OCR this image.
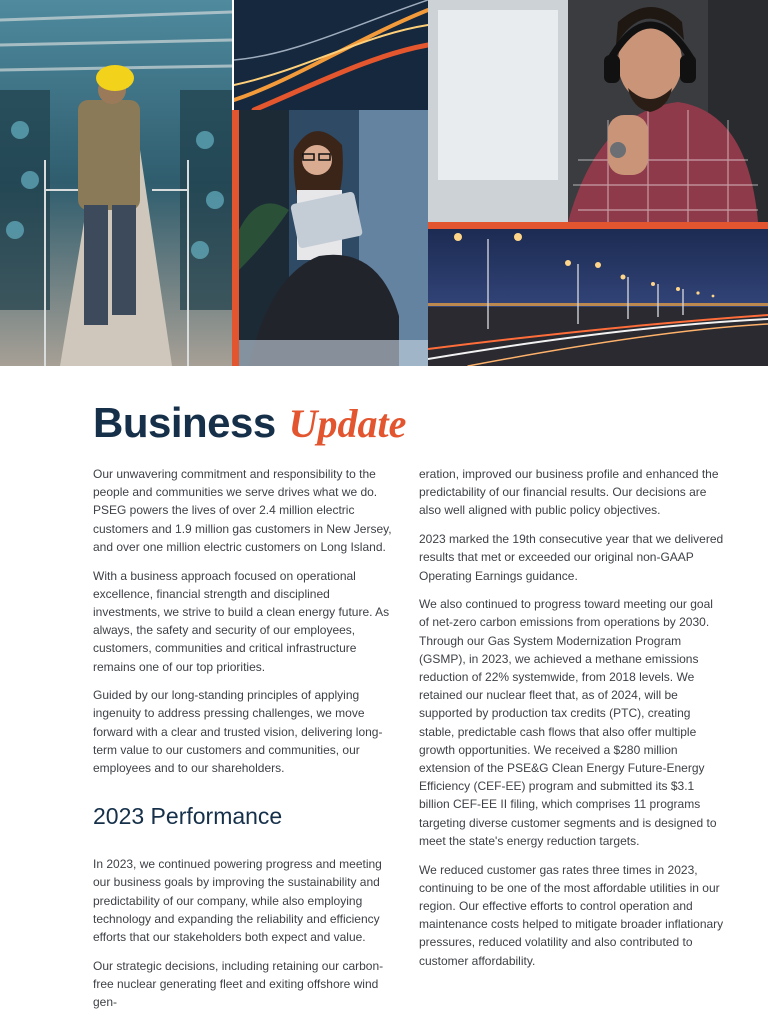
Business Update

Our unwavering commitment and responsibility to the people and communities we serve drives what we do. PSEG powers the lives of over 2.4 million electric customers and 1.9 million gas customers in New Jersey, and over one million electric customers on Long Island.

With a business approach focused on operational excellence, financial strength and disciplined investments, we strive to build a clean energy future. As always, the safety and security of our employees, customers, communities and critical infrastructure remains one of our top priorities.

Guided by our long-standing principles of applying ingenuity to address pressing challenges, we move forward with a clear and trusted vision, delivering long-term value to our customers and communities, our employees and to our shareholders.

2023 Performance

In 2023, we continued powering progress and meeting our business goals by improving the sustainability and predictability of our company, while also employing technology and expanding the reliability and efficiency efforts that our stakeholders both expect and value.

Our strategic decisions, including retaining our carbon-free nuclear generating fleet and exiting offshore wind gen-

eration, improved our business profile and enhanced the predictability of our financial results. Our decisions are also well aligned with public policy objectives.

2023 marked the 19th consecutive year that we delivered results that met or exceeded our original non-GAAP Operating Earnings guidance.

We also continued to progress toward meeting our goal of net-zero carbon emissions from operations by 2030. Through our Gas System Modernization Program (GSMP), in 2023, we achieved a methane emissions reduction of 22% systemwide, from 2018 levels. We retained our nuclear fleet that, as of 2024, will be supported by production tax credits (PTC), creating stable, predictable cash flows that also offer multiple growth opportunities. We received a $280 million extension of the PSE&G Clean Energy Future-Energy Efficiency (CEF-EE) program and submitted its $3.1 billion CEF-EE II filing, which comprises 11 programs targeting diverse customer segments and is designed to meet the state's energy reduction targets.

We reduced customer gas rates three times in 2023, continuing to be one of the most affordable utilities in our region. Our effective efforts to control operation and maintenance costs helped to mitigate broader inflationary pressures, reduced volatility and also contributed to customer affordability.
